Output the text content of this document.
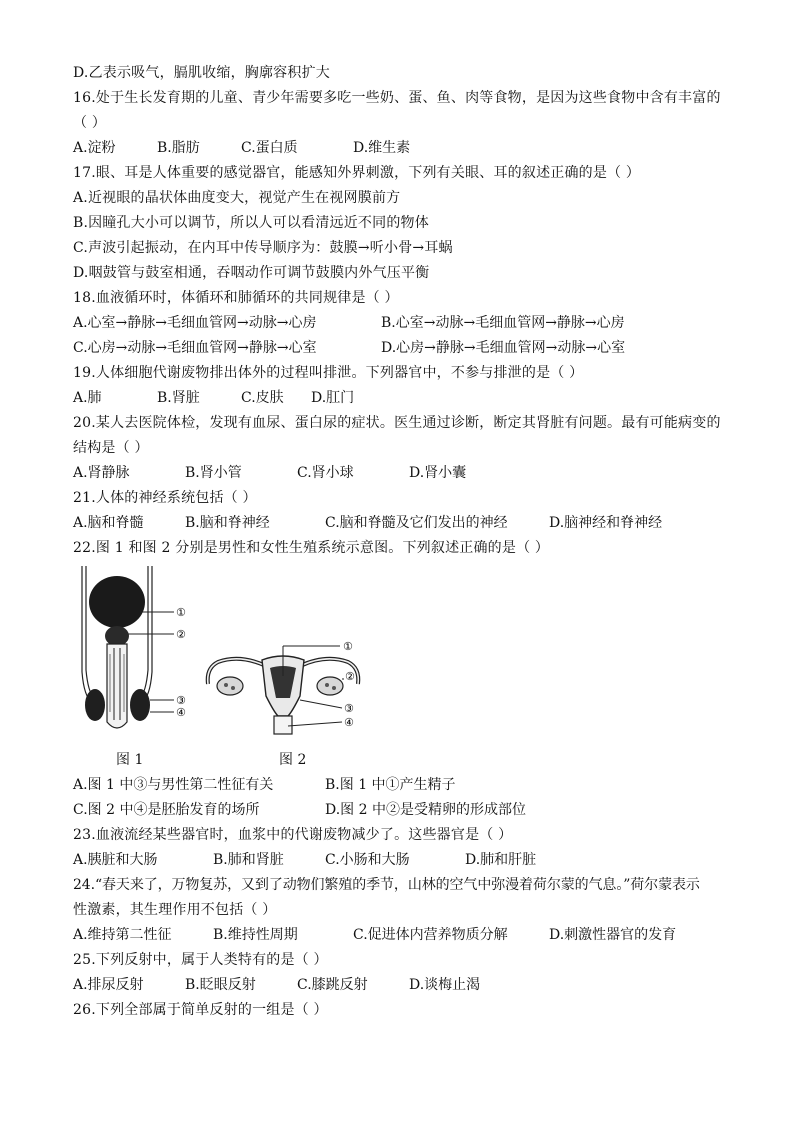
D.乙表示吸气，膈肌收缩，胸廓容积扩大
16.处于生长发育期的儿童、青少年需要多吃一些奶、蛋、鱼、肉等食物，是因为这些食物中含有丰富的
（ ）
A.淀粉	B.脂肪	C.蛋白质	D.维生素
17.眼、耳是人体重要的感觉器官，能感知外界刺激，下列有关眼、耳的叙述正确的是（ ）
A.近视眼的晶状体曲度变大，视觉产生在视网膜前方
B.因瞳孔大小可以调节，所以人可以看清远近不同的物体
C.声波引起振动，在内耳中传导顺序为：鼓膜→听小骨→耳蜗
D.咽鼓管与鼓室相通，吞咽动作可调节鼓膜内外气压平衡
18.血液循环时，体循环和肺循环的共同规律是（ ）
A.心室→静脉→毛细血管网→动脉→心房	B.心室→动脉→毛细血管网→静脉→心房
C.心房→动脉→毛细血管网→静脉→心室	D.心房→静脉→毛细血管网→动脉→心室
19.人体细胞代谢废物排出体外的过程叫排泄。下列器官中，不参与排泄的是（ ）
A.肺	B.肾脏	C.皮肤 D.肛门
20.某人去医院体检，发现有血尿、蛋白尿的症状。医生通过诊断，断定其肾脏有问题。最有可能病变的
结构是（ ）
A.肾静脉	B.肾小管	C.肾小球	D.肾小囊
21.人体的神经系统包括（ ）
A.脑和脊髓	B.脑和脊神经	C.脑和脊髓及它们发出的神经	D.脑神经和脊神经
22.图 1 和图 2 分别是男性和女性生殖系统示意图。下列叙述正确的是（ ）
①
②
③
④
①
②
③
④
图 1	图 2
A.图 1 中③与男性第二性征有关	B.图 1 中①产生精子
C.图 2 中④是胚胎发育的场所	D.图 2 中②是受精卵的形成部位
23.血液流经某些器官时，血浆中的代谢废物减少了。这些器官是（ ）
A.胰脏和大肠	B.肺和肾脏	C.小肠和大肠	D.肺和肝脏
24.“春天来了，万物复苏，又到了动物们繁殖的季节，山林的空气中弥漫着荷尔蒙的气息。”荷尔蒙表示
性激素，其生理作用不包括（ ）
A.维持第二性征	B.维持性周期	C.促进体内营养物质分解	D.刺激性器官的发育
25.下列反射中，属于人类特有的是（ ）
A.排尿反射	B.眨眼反射	C.膝跳反射	D.谈梅止渴
26.下列全部属于简单反射的一组是（ ）
